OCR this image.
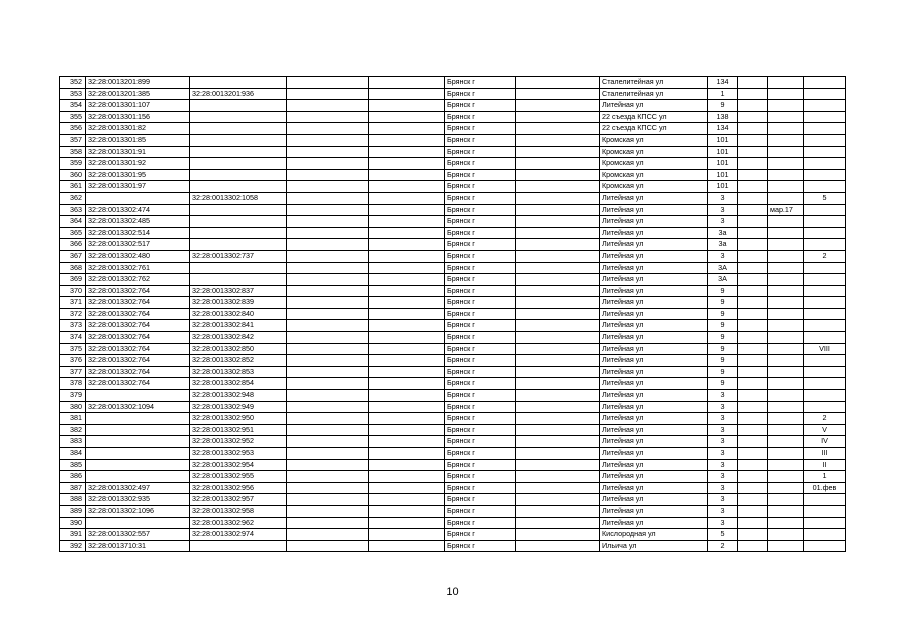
352	32:28:0013201:899				Брянск г		Сталелитейная ул	134			
353	32:28:0013201:385	32:28:0013201:936			Брянск г		Сталелитейная ул	1			
354	32:28:0013301:107				Брянск г		Литейная ул	9			
355	32:28:0013301:156				Брянск г		22 съезда КПСС ул	138			
356	32:28:0013301:82				Брянск г		22 съезда КПСС ул	134			
357	32:28:0013301:85				Брянск г		Кромская ул	101			
358	32:28:0013301:91				Брянск г		Кромская ул	101			
359	32:28:0013301:92				Брянск г		Кромская ул	101			
360	32:28:0013301:95				Брянск г		Кромская ул	101			
361	32:28:0013301:97				Брянск г		Кромская ул	101			
362		32:28:0013302:1058			Брянск г		Литейная ул	3			5
363	32:28:0013302:474				Брянск г		Литейная ул	3		мар.17	
364	32:28:0013302:485				Брянск г		Литейная ул	3			
365	32:28:0013302:514				Брянск г		Литейная ул	3а			
366	32:28:0013302:517				Брянск г		Литейная ул	3а			
367	32:28:0013302:480	32:28:0013302:737			Брянск г		Литейная ул	3			2
368	32:28:0013302:761				Брянск г		Литейная ул	3А			
369	32:28:0013302:762				Брянск г		Литейная ул	3А			
370	32:28:0013302:764	32:28:0013302:837			Брянск г		Литейная ул	9			
371	32:28:0013302:764	32:28:0013302:839			Брянск г		Литейная ул	9			
372	32:28:0013302:764	32:28:0013302:840			Брянск г		Литейная ул	9			
373	32:28:0013302:764	32:28:0013302:841			Брянск г		Литейная ул	9			
374	32:28:0013302:764	32:28:0013302:842			Брянск г		Литейная ул	9			
375	32:28:0013302:764	32:28:0013302:850			Брянск г		Литейная ул	9			VIII
376	32:28:0013302:764	32:28:0013302:852			Брянск г		Литейная ул	9			
377	32:28:0013302:764	32:28:0013302:853			Брянск г		Литейная ул	9			
378	32:28:0013302:764	32:28:0013302:854			Брянск г		Литейная ул	9			
379		32:28:0013302:948			Брянск г		Литейная ул	3			
380	32:28:0013302:1094	32:28:0013302:949			Брянск г		Литейная ул	3			
381		32:28:0013302:950			Брянск г		Литейная ул	3			2
382		32:28:0013302:951			Брянск г		Литейная ул	3			V
383		32:28:0013302:952			Брянск г		Литейная ул	3			IV
384		32:28:0013302:953			Брянск г		Литейная ул	3			III
385		32:28:0013302:954			Брянск г		Литейная ул	3			II
386		32:28:0013302:955			Брянск г		Литейная ул	3			1
387	32:28:0013302:497	32:28:0013302:956			Брянск г		Литейная ул	3			01.фев
388	32:28:0013302:935	32:28:0013302:957			Брянск г		Литейная ул	3			
389	32:28:0013302:1096	32:28:0013302:958			Брянск г		Литейная ул	3			
390		32:28:0013302:962			Брянск г		Литейная ул	3			
391	32:28:0013302:557	32:28:0013302:974			Брянск г		Кислородная ул	5			
392	32:28:0013710:31				Брянск г		Ильича ул	2			
10
